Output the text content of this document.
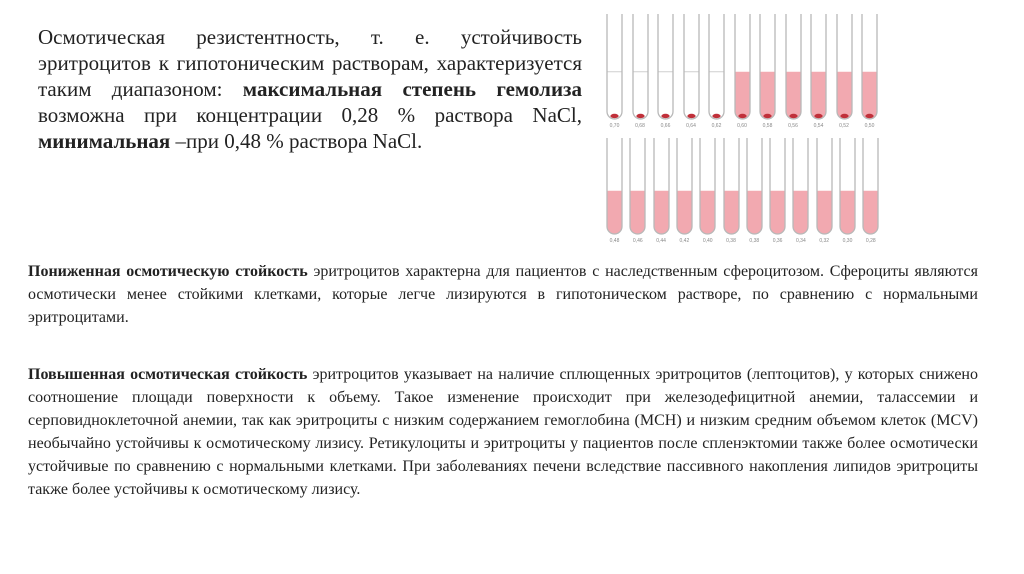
Осмотическая резистентность, т. е. устойчивость эритроцитов к гипотоническим растворам, характеризуется таким диапазоном: максимальная степень гемолиза возможна при концентрации 0,28 % раствора NaCl, минимальная –при 0,48 % раствора NaCl.
0,70	0,68	0,66	0,64	0,62	0,60	0,58	0,56	0,54	0,52	0,50
0,48	0,46	0,44	0,42	0,40	0,38	0,38	0,36	0,34	0,32	0,30	0,28
Пониженная осмотическую стойкость эритроцитов характерна для пациентов с наследственным сфероцитозом. Сфероциты являются осмотически менее стойкими клетками, которые легче лизируются в гипотоническом растворе, по сравнению с нормальными эритроцитами.
Повышенная осмотическая стойкость эритроцитов указывает на наличие сплющенных эритроцитов (лептоцитов), у которых снижено соотношение площади поверхности к объему. Такое изменение происходит при железодефицитной анемии, талассемии и серповидноклеточной анемии, так как эритроциты с низким содержанием гемоглобина (MCH) и низким средним объемом клеток (MCV) необычайно устойчивы к осмотическому лизису. Ретикулоциты и эритроциты у пациентов после спленэктомии также более осмотически устойчивые по сравнению с нормальными клетками. При заболеваниях печени вследствие пассивного накопления липидов эритроциты также более устойчивы к осмотическому лизису.
